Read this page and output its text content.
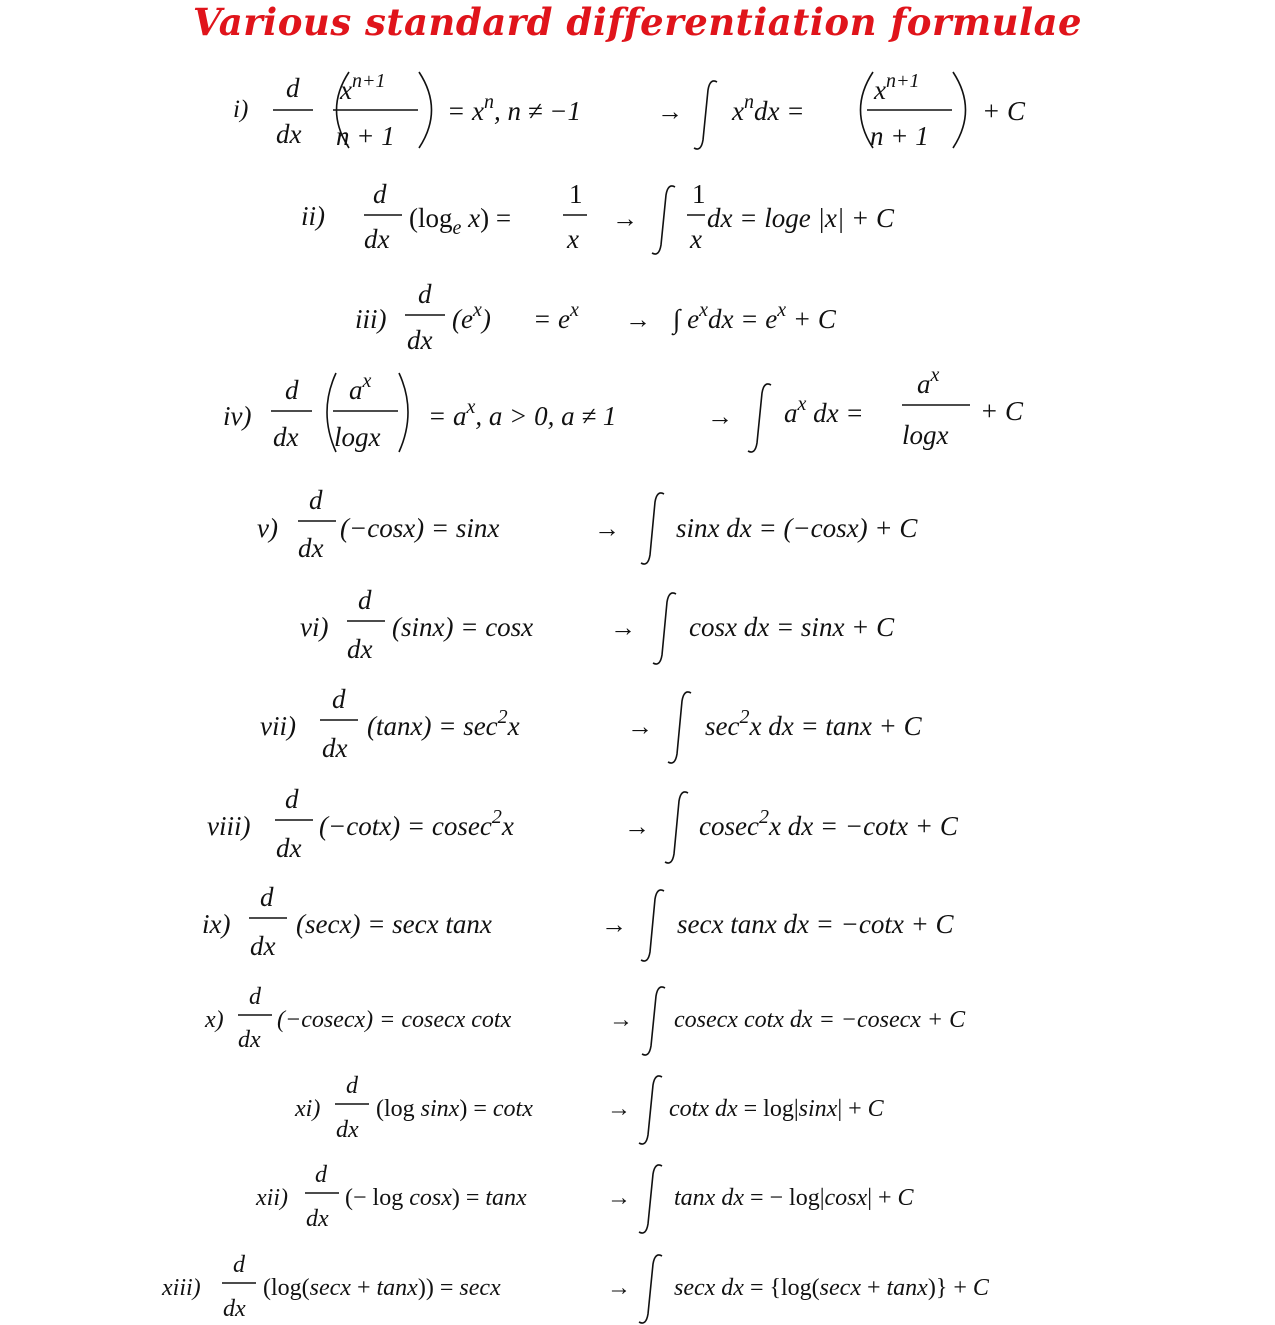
Various standard differentiation formulae
i)
d
dx
$x^{n+1}$
n + 1
= $x^n$, n ≠ −1	→ $x^ndx$ =
$x^{n+1}$
n + 1
+ C
ii)
d
dx
($\log_e$ x) =
1
x
→
1
x
dx = loge |x| + C
iii)
d
dx
$(e^x) = e^x$ → ∫ $e^xdx = e^x + C$
iv)
d
dx
$a^x$
logx
= $a^x$, a > 0, a ≠ 1	→ $a^x$ dx =
$a^x$
logx
+ C
v)
d
dx
(−cosx) = sinx	→ sinx dx = (−cosx) + C
vi)
d
dx
(sinx) = cosx	→ cosx dx = sinx + C
vii)
d
dx
$(\tan x) = \sec^2x$	→ $\sec^2x$ dx = tanx + C
viii)
d
dx
(−cotx) = cosec$^2$x	→ cosec$^2$x dx = −cotx + C
ix)
d
dx
(secx) = secx tanx	→ secx tanx dx = −cotx + C
x)
d
dx
(−cosecx) = cosecx cotx	→ cosecx cotx dx = −cosecx + C
xi)
d
dx
(log sinx) = cotx	→ cotx dx = log|sinx| + C
xii)
d
dx
(− log cosx) = tanx	→ tanx dx = − log|cosx| + C
xiii)
d
dx
(log(secx + tanx)) = secx	→ secx dx = {log(secx + tanx)} + C
